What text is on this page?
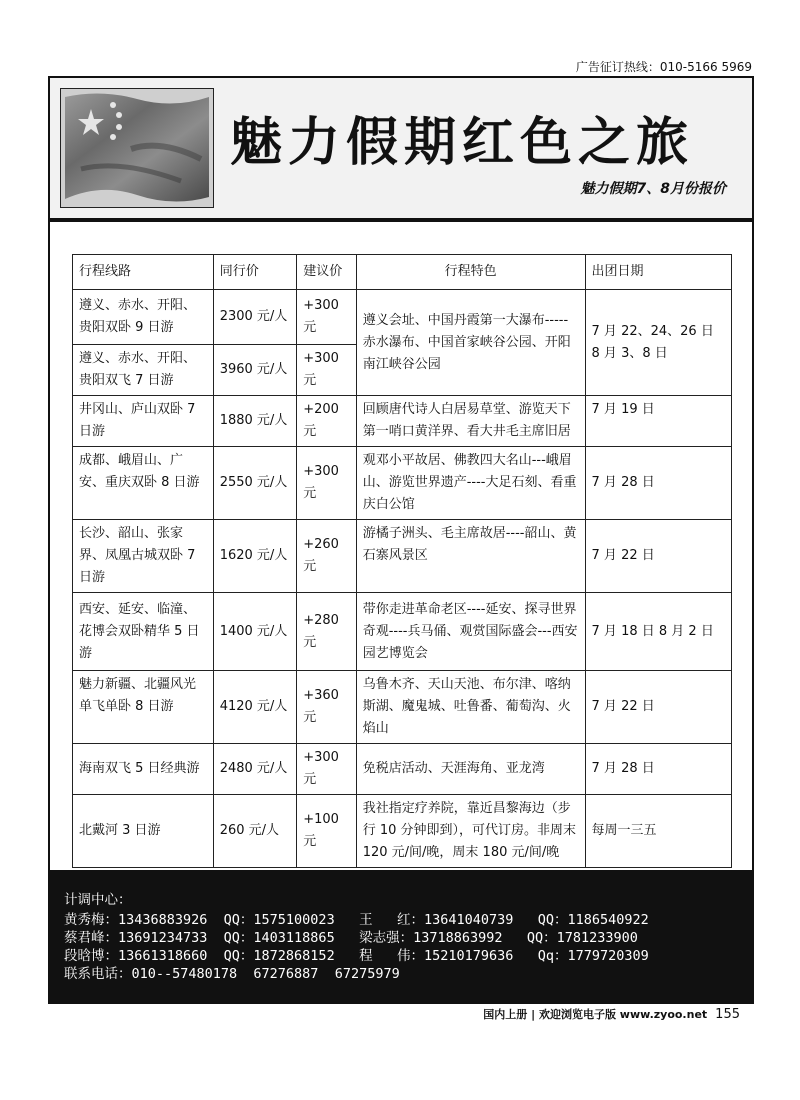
广告征订热线：010-5166 5969
魅力假期红色之旅
魅力假期7、8月份报价
行程线路	同行价	建议价	行程特色	出团日期
遵义、赤水、开阳、贵阳双卧 9 日游	2300 元/人	+300 元	遵义会址、中国丹霞第一大瀑布-----赤水瀑布、中国首家峡谷公园、开阳南江峡谷公园	7 月 22、24、26 日 8 月 3、8 日
遵义、赤水、开阳、贵阳双飞 7 日游	3960 元/人	+300 元		
井冈山、庐山双卧 7 日游	1880 元/人	+200 元	回顾唐代诗人白居易草堂、游览天下第一哨口黄洋界、看大井毛主席旧居	7 月 19 日
成都、峨眉山、广安、重庆双卧 8 日游	2550 元/人	+300 元	观邓小平故居、佛教四大名山---峨眉山、游览世界遗产----大足石刻、看重庆白公馆	7 月 28 日
长沙、韶山、张家界、凤凰古城双卧 7 日游	1620 元/人	+260 元	游橘子洲头、毛主席故居----韶山、黄石寨风景区	7 月 22 日
西安、延安、临潼、花博会双卧精华 5 日游	1400 元/人	+280 元	带你走进革命老区----延安、探寻世界奇观----兵马俑、观赏国际盛会---西安园艺博览会	7 月 18 日 8 月 2 日
魅力新疆、北疆风光单飞单卧 8 日游	4120 元/人	+360 元	乌鲁木齐、天山天池、布尔津、喀纳斯湖、魔鬼城、吐鲁番、葡萄沟、火焰山	7 月 22 日
海南双飞 5 日经典游	2480 元/人	+300 元	免税店活动、天涯海角、亚龙湾	7 月 28 日
北戴河 3 日游	260 元/人	+100 元	我社指定疗养院，靠近昌黎海边（步行 10 分钟即到），可代订房。非周末 120 元/间/晚，周末 180 元/间/晚	每周一三五
计调中心：
黄秀梅：13436883926  QQ：1575100023   王   红：13641040739   QQ：1186540922
蔡君峰：13691234733  QQ：1403118865   梁志强：13718863992   QQ：1781233900
段晗博：13661318660  QQ：1872868152   程   伟：15210179636   Qq：1779720309
联系电话：010--57480178  67276887  67275979
国内上册 | 欢迎浏览电子版 www.zyoo.net 155
